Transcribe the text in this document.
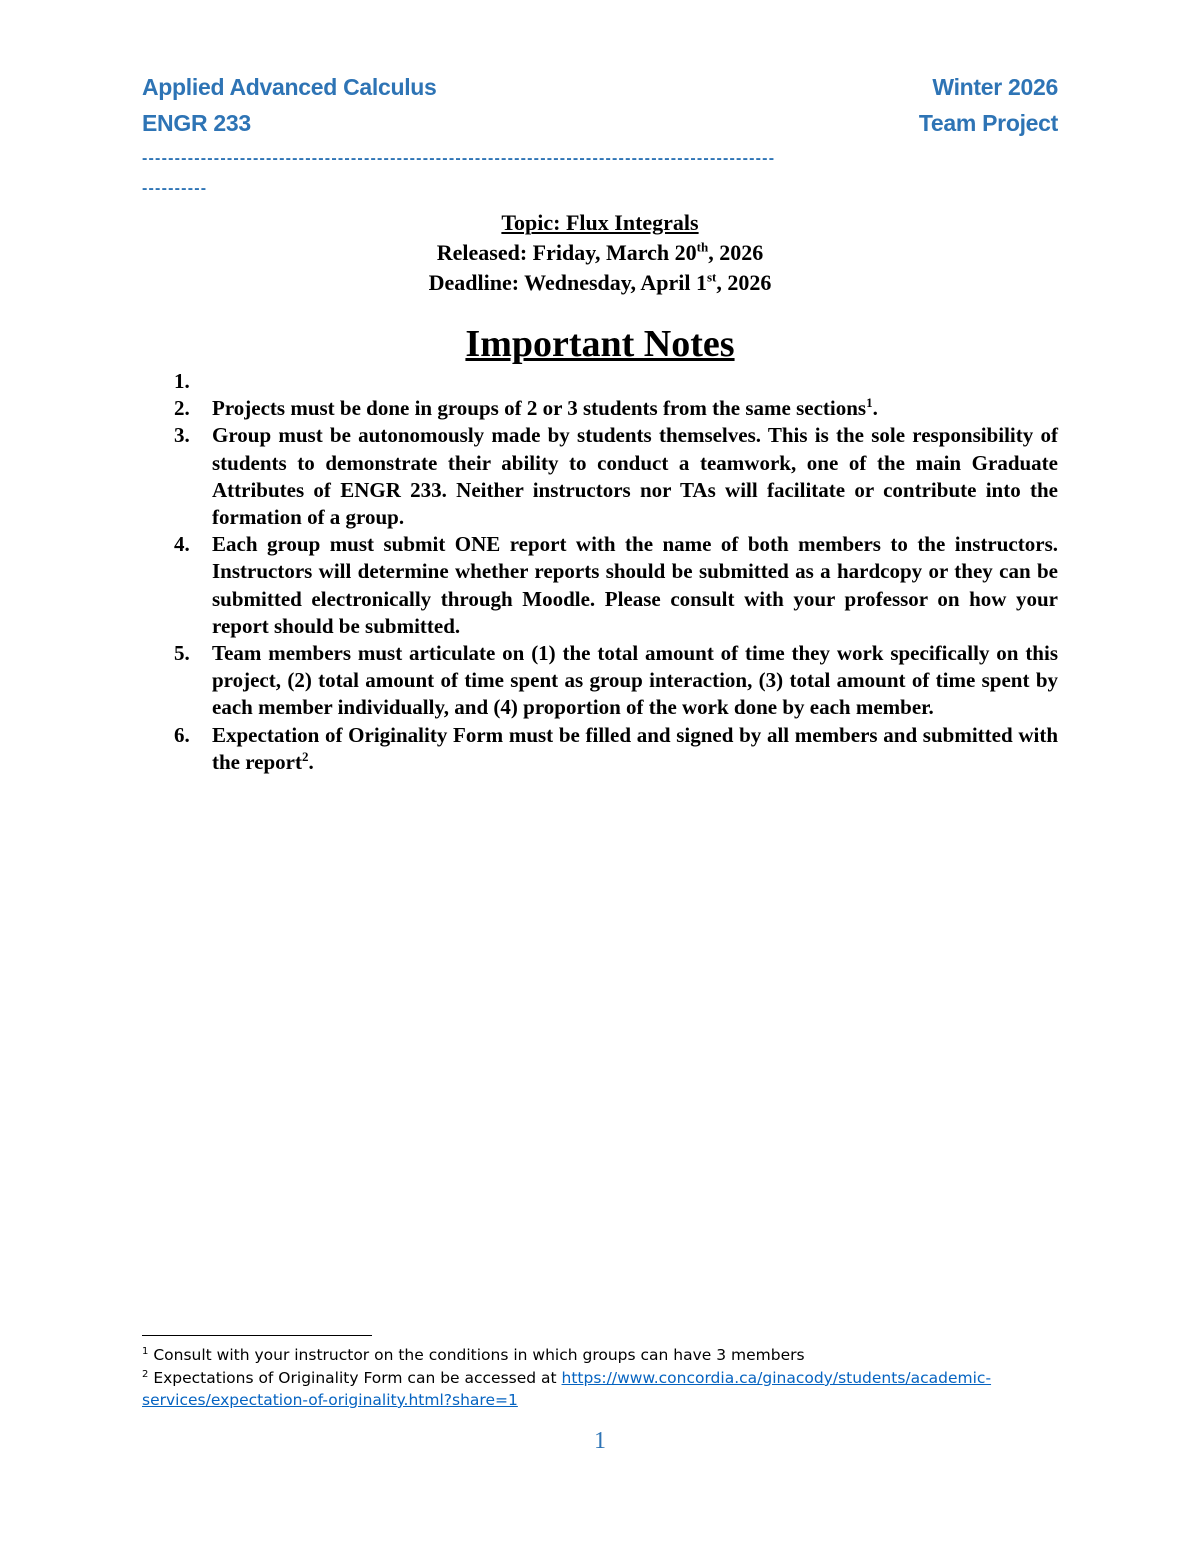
Applied Advanced Calculus	Winter 2026
ENGR 233	Team Project
-------------------------------------------------------------------------------------------------
----------
Topic: Flux Integrals
Released: Friday, March 20th, 2026
Deadline: Wednesday, April 1st, 2026
Important Notes
1.

2. Projects must be done in groups of 2 or 3 students from the same sections$^1$.
3. Group must be autonomously made by students themselves. This is the sole responsibility of students to demonstrate their ability to conduct a teamwork, one of the main Graduate Attributes of ENGR 233. Neither instructors nor TAs will facilitate or contribute into the formation of a group.
4. Each group must submit ONE report with the name of both members to the instructors. Instructors will determine whether reports should be submitted as a hardcopy or they can be submitted electronically through Moodle. Please consult with your professor on how your report should be submitted.
5. Team members must articulate on (1) the total amount of time they work specifically on this project, (2) total amount of time spent as group interaction, (3) total amount of time spent by each member individually, and (4) proportion of the work done by each member.
6. Expectation of Originality Form must be filled and signed by all members and submitted with the report$^2$.
$^1$ Consult with your instructor on the conditions in which groups can have 3 members
$^2$ Expectations of Originality Form can be accessed at https://www.concordia.ca/ginacody/students/academic-
services/expectation-of-originality.html?share=1
1
